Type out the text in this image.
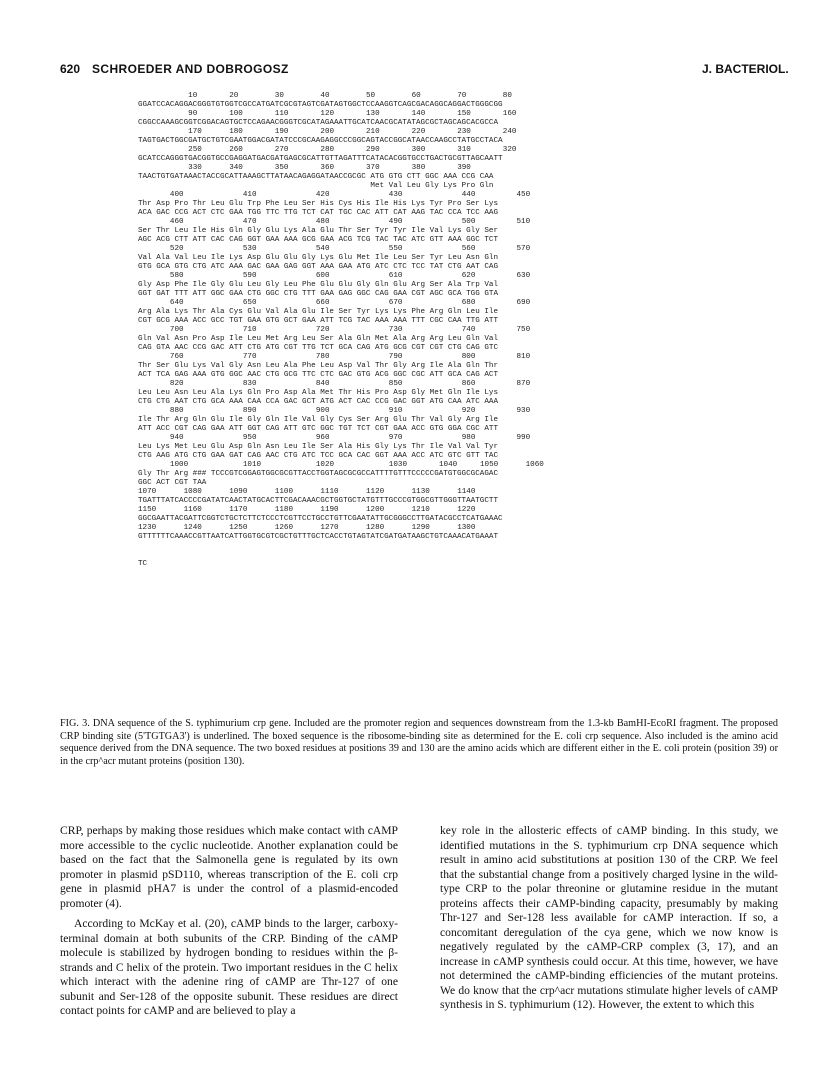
620 SCHROEDER AND DOBROGOSZ	J. BACTERIOL.
10	20	30	40	50	60	70	80
GGATCCACAGGACGGGTGTGGTCGCCATGATCGCGTAGTCGATAGTGGCTCCAAGGTCAGCGACAGGCAGGACTGGGCGG
90	100	110	120	130	140	150	160
CGGCCAAAGCGGTCGGACAGTGCTCCAGAACGGGTCGCATAGAAATTGCATCAACGCATATAGCGCTAGCAGCACGCCA
170	180	190	200	210	220	230	240
TAGTGACTGGCGATGCTGTCGAATGGACGATATCCCGCAAGAGGCCCGGCAGTACCGGCATAACCAAGCCTATGCCTACA
250	260	270	280	290	300	310	320
GCATCCAGGGTGACGGTGCCGAGGATGACGATGAGCGCATTGTTAGATTTCATACACGGTGCCTGACTGCGTTAGCAATT
330	340	350	360	370	380	390
TAACTGTGATAAACTACCGCATTAAAGCTTATAACAGAGGATAACCGCGC ATG GTG CTT GGC AAA CCG CAA
Met Val Leu Gly Lys Pro Gln
400	410	420	430	440	450
Thr Asp Pro Thr Leu Glu Trp Phe Leu Ser His Cys His Ile His Lys Tyr Pro Ser Lys
ACA GAC CCG ACT CTC GAA TGG TTC TTG TCT CAT TGC CAC ATT CAT AAG TAC CCA TCC AAG
460	470	480	490	500	510
Ser Thr Leu Ile His Gln Gly Glu Lys Ala Glu Thr Ser Tyr Tyr Ile Val Lys Gly Ser
AGC ACG CTT ATT CAC CAG GGT GAA AAA GCG GAA ACG TCG TAC TAC ATC GTT AAA GGC TCT
520	530	540	550	560	570
Val Ala Val Leu Ile Lys Asp Glu Glu Gly Lys Glu Met Ile Leu Ser Tyr Leu Asn Gln
GTG GCA GTG CTG ATC AAA GAC GAA GAG GGT AAA GAA ATG ATC CTC TCC TAT CTG AAT CAG
580	590	600	610	620	630
Gly Asp Phe Ile Gly Glu Leu Gly Leu Phe Glu Glu Gly Gln Glu Arg Ser Ala Trp Val
GGT GAT TTT ATT GGC GAA CTG GGC CTG TTT GAA GAG GGC CAG GAA CGT AGC GCA TGG GTA
640	650	660	670	680	690
Arg Ala Lys Thr Ala Cys Glu Val Ala Glu Ile Ser Tyr Lys Lys Phe Arg Gln Leu Ile
CGT GCG AAA ACC GCC TGT GAA GTG GCT GAA ATT TCG TAC AAA AAA TTT CGC CAA TTG ATT
700	710	720	730	740	750
Gln Val Asn Pro Asp Ile Leu Met Arg Leu Ser Ala Gln Met Ala Arg Arg Leu Gln Val
CAG GTA AAC CCG GAC ATT CTG ATG CGT TTG TCT GCA CAG ATG GCG CGT CGT CTG CAG GTC
760	770	780	790	800	810
Thr Ser Glu Lys Val Gly Asn Leu Ala Phe Leu Asp Val Thr Gly Arg Ile Ala Gln Thr
ACT TCA GAG AAA GTG GGC AAC CTG GCG TTC CTC GAC GTG ACG GGC CGC ATT GCA CAG ACT
820	830	840	850	860	870
Leu Leu Asn Leu Ala Lys Gln Pro Asp Ala Met Thr His Pro Asp Gly Met Gln Ile Lys
CTG CTG AAT CTG GCA AAA CAA CCA GAC GCT ATG ACT CAC CCG GAC GGT ATG CAA ATC AAA
880	890	900	910	920	930
Ile Thr Arg Gln Glu Ile Gly Gln Ile Val Gly Cys Ser Arg Glu Thr Val Gly Arg Ile
ATT ACC CGT CAG GAA ATT GGT CAG ATT GTC GGC TGT TCT CGT GAA ACC GTG GGA CGC ATT
940	950	960	970	980	990
Leu Lys Met Leu Glu Asp Gln Asn Leu Ile Ser Ala His Gly Lys Thr Ile Val Val Tyr
CTG AAG ATG CTG GAA GAT CAG AAC CTG ATC TCC GCA CAC GGT AAA ACC ATC GTC GTT TAC
1000	1010	1020	1030	1040	1050	1060
Gly Thr Arg ### TCCCGTCGGAGTGGCGCGTTACCTGGTAGCGCGCCATTTTGTTTCCCCCGATGTGGCGCAGAC
GGC ACT CGT TAA
1070	1080	1090	1100	1110	1120	1130	1140
TGATTTATCACCCCGATATCAACTATGCACTTCGACAAACGCTGGTGCTATGTTTGCCCGTGGCGTTGGGTTAATGCTT
1150	1160	1170	1180	1190	1200	1210	1220
GGCGAATTACGATTCGGTCTGCTCTTCTCCCTCGTTCCTGCCTGTTCGAATATTGCGGGCCTTGATACGCCTCATGAAAC
1230	1240	1250	1260	1270	1280	1290	1300
GTTTTTTCAAACCGTTAATCATTGGTGCGTCGCTGTTTGCTCACCTGTAGTATCGATGATAAGCTGTCAAACATGAAAT
TC
FIG. 3. DNA sequence of the S. typhimurium crp gene. Included are the promoter region and sequences downstream from the 1.3-kb BamHI-EcoRI fragment. The proposed CRP binding site (5'TGTGA3') is underlined. The boxed sequence is the ribosome-binding site as determined for the E. coli crp sequence. Also included is the amino acid sequence derived from the DNA sequence. The two boxed residues at positions 39 and 130 are the amino acids which are different either in the E. coli protein (position 39) or in the crp^acr mutant proteins (position 130).

CRP, perhaps by making those residues which make contact with cAMP more accessible to the cyclic nucleotide. Another explanation could be based on the fact that the Salmonella gene is regulated by its own promoter in plasmid pSD110, whereas transcription of the E. coli crp gene in plasmid pHA7 is under the control of a plasmid-encoded promoter (4).

According to McKay et al. (20), cAMP binds to the larger, carboxy-terminal domain at both subunits of the CRP. Binding of the cAMP molecule is stabilized by hydrogen bonding to residues within the β-strands and C helix of the protein. Two important residues in the C helix which interact with the adenine ring of cAMP are Thr-127 of one subunit and Ser-128 of the opposite subunit. These residues are direct contact points for cAMP and are believed to play a

key role in the allosteric effects of cAMP binding. In this study, we identified mutations in the S. typhimurium crp DNA sequence which result in amino acid substitutions at position 130 of the CRP. We feel that the substantial change from a positively charged lysine in the wild-type CRP to the polar threonine or glutamine residue in the mutant proteins affects their cAMP-binding capacity, presumably by making Thr-127 and Ser-128 less available for cAMP interaction. If so, a concomitant deregulation of the cya gene, which we now know is negatively regulated by the cAMP-CRP complex (3, 17), and an increase in cAMP synthesis could occur. At this time, however, we have not determined the cAMP-binding efficiencies of the mutant proteins. We do know that the crp^acr mutations stimulate higher levels of cAMP synthesis in S. typhimurium (12). However, the extent to which this
